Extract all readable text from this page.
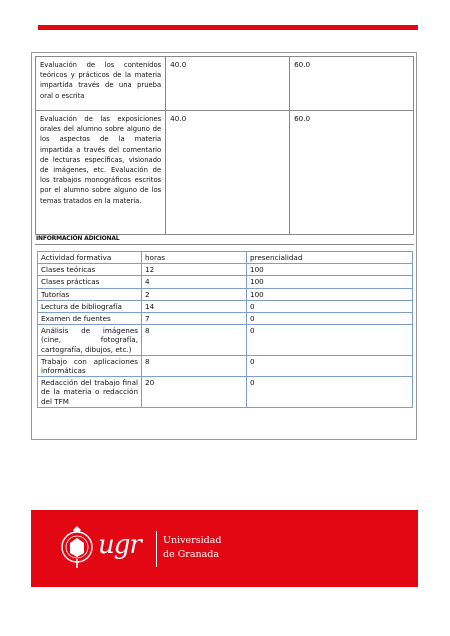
Evaluación de los contenidos teóricos y prácticos de la materia impartida través de una prueba oral o escrita	40.0	60.0
Evaluación de las exposiciones orales del alumno sobre alguno de los aspectos de la materia impartida a través del comentario de lecturas específicas, visionado de imágenes, etc. Evaluación de los trabajos monográficos escritos por el alumno sobre alguno de los temas tratados en la materia.	40.0	60.0
INFORMACIÓN ADICIONAL
Actividad formativa	horas	presencialidad
Clases teóricas	12	100
Clases prácticas	4	100
Tutorías	2	100
Lectura de bibliografía	14	0
Examen de fuentes	7	0
Análisis de imágenes (cine, fotografía, cartografía, dibujos, etc.)	8	0
Trabajo con aplicaciones informáticas	8	0
Redacción del trabajo final de la materia o redacción del TFM	20	0
ugr Universidad
de Granada
